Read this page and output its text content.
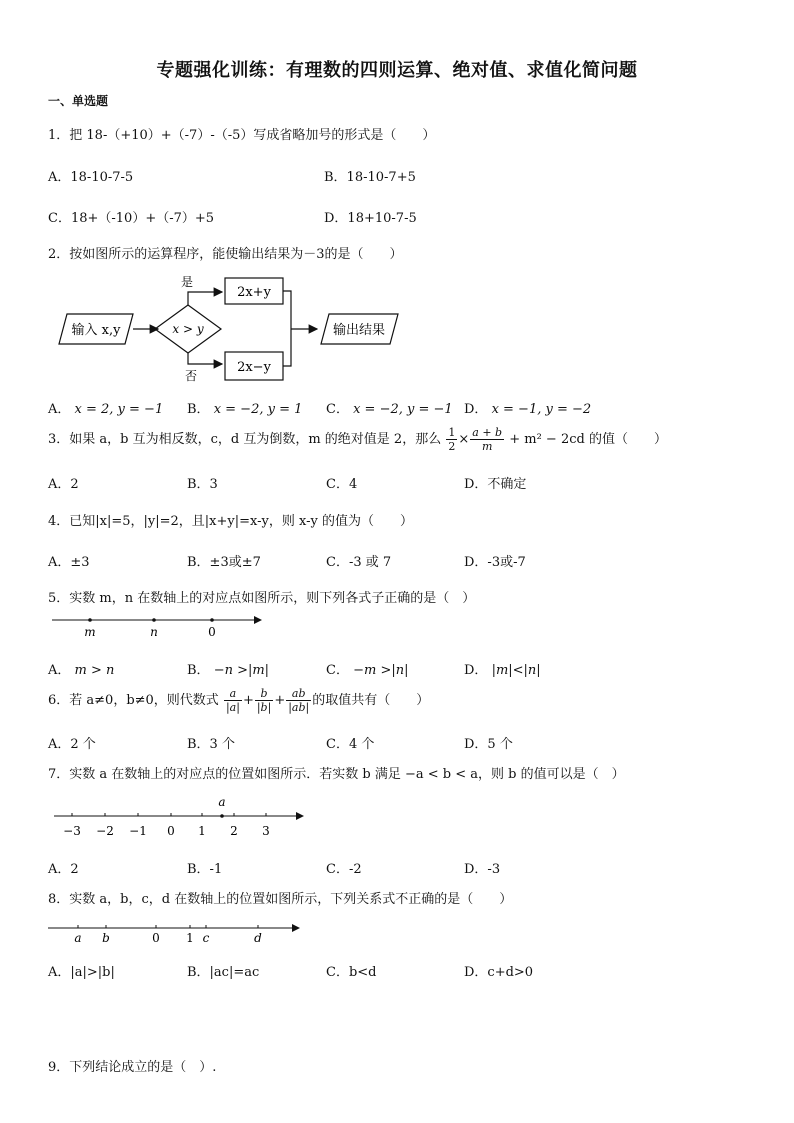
专题强化训练：有理数的四则运算、绝对值、求值化简问题
一、单选题
1．把 18-（+10）+（-7）-（-5）写成省略加号的形式是（　　）
A．18-10-7-5	B．18-10-7+5
C．18+（-10）+（-7）+5	D．18+10-7-5
2．按如图所示的运算程序，能使输出结果为－3的是（　　）
输入 x,y	x > y
是
否
2x+y
2x−y
输出结果
A． x = 2, y = −1 B． x = −2, y = 1 C． x = −2, y = −1 D． x = −1, y = −2
3．如果 a，b 互为相反数，c，d 互为倒数，m 的绝对值是 2，那么 $\frac{1}{2} \times \frac{a + b}{m} + m^2 - 2cd$ 的值（　　）
A．2	B．3	C．4	D．不确定
4．已知|x|=5，|y|=2，且|x+y|=x-y，则 x-y 的值为（　　）
A．±3	B．±3或±7	C．-3 或 7	D．-3或-7
5．实数 m，n 在数轴上的对应点如图所示，则下列各式子正确的是（　）
m	n	0
A． m > n	B． −n >|m|	C． −m >|n|	D． |m|<|n|
6．若 a≠0，b≠0，则代数式 $\frac{a}{|a|} + \frac{b}{|b|} + \frac{ab}{|ab|}$ 的取值共有（　　）
A．2 个	B．3 个	C．4 个	D．5 个
7．实数 a 在数轴上的对应点的位置如图所示．若实数 b 满足 −a < b < a，则 b 的值可以是（　）
−3 −2 −1 0 1 2 3
a
A．2	B．-1	C．-2	D．-3
8．实数 a，b，c，d 在数轴上的位置如图所示，下列关系式不正确的是（　　）
a b	0 1 c	d
A．|a|>|b|	B．|ac|=ac	C．b<d	D．c+d>0
9．下列结论成立的是（　）.
